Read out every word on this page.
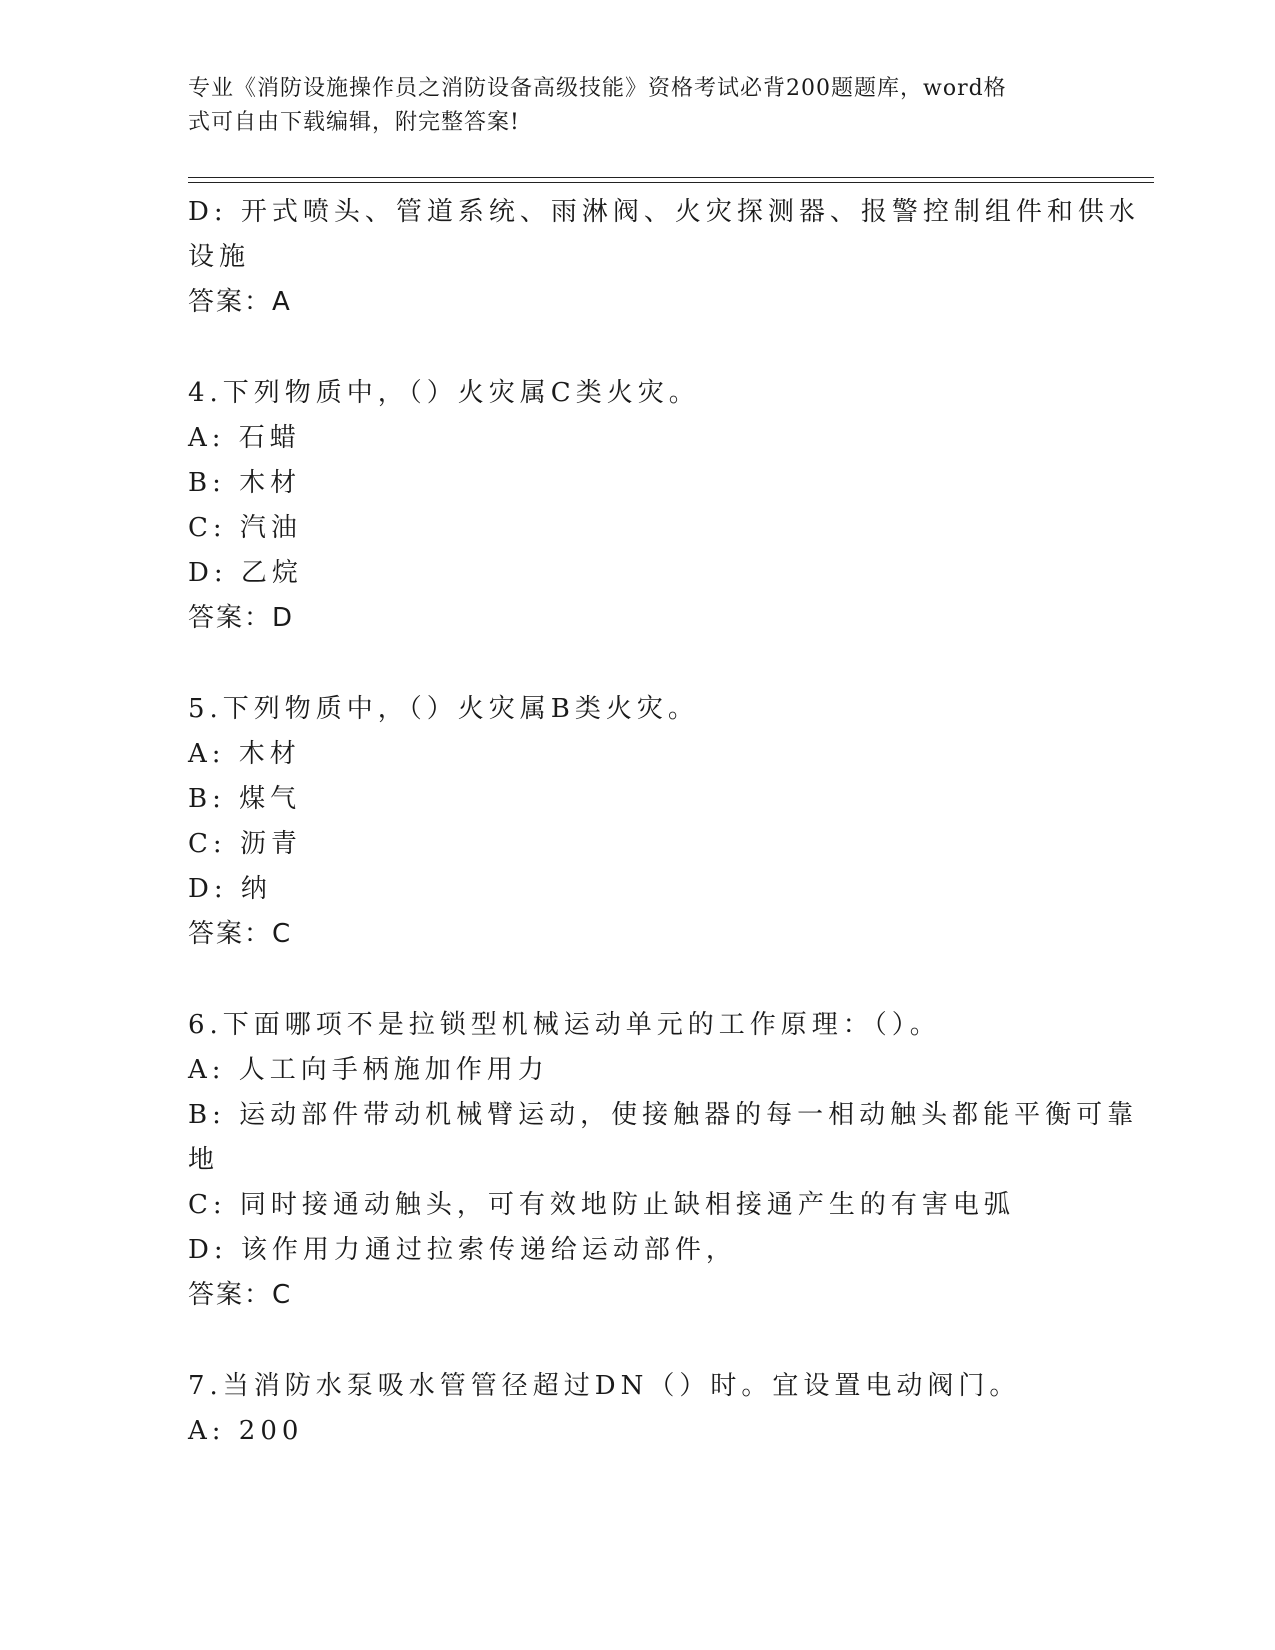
专业《消防设施操作员之消防设备高级技能》资格考试必背200题题库，word格
式可自由下载编辑，附完整答案!
D: 开式喷头、管道系统、雨淋阀、火灾探测器、报警控制组件和供水
设施
答案：A
4.下列物质中，（）火灾属C类火灾。
A: 石蜡
B: 木材
C: 汽油
D: 乙烷
答案：D
5.下列物质中，（）火灾属B类火灾。
A: 木材
B: 煤气
C: 沥青
D: 纳
答案：C
6.下面哪项不是拉锁型机械运动单元的工作原理：（）。
A: 人工向手柄施加作用力
B: 运动部件带动机械臂运动，使接触器的每一相动触头都能平衡可靠
地
C: 同时接通动触头，可有效地防止缺相接通产生的有害电弧
D: 该作用力通过拉索传递给运动部件，
答案：C
7.当消防水泵吸水管管径超过DN（）时。宜设置电动阀门。
A: 200
